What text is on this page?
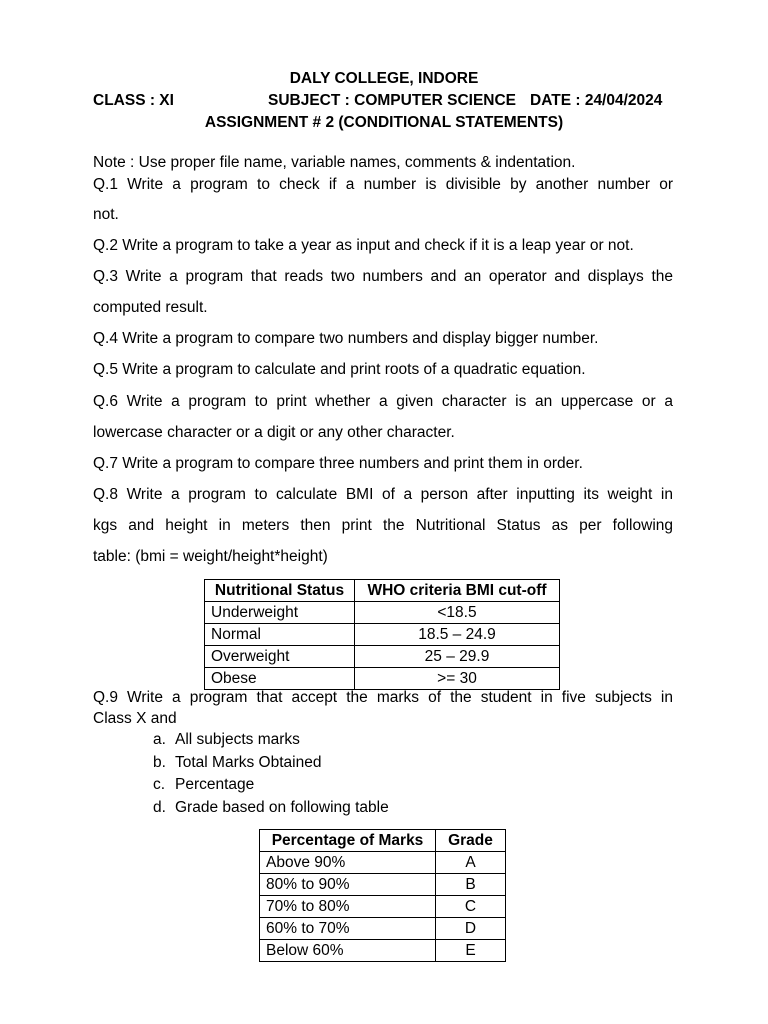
DALY COLLEGE, INDORE
CLASS : XI	SUBJECT : COMPUTER SCIENCE DATE : 24/04/2024
ASSIGNMENT # 2 (CONDITIONAL STATEMENTS)
Note : Use proper file name, variable names, comments & indentation.
Q.1 Write a program to check if a number is divisible by another number or
not.
Q.2 Write a program to take a year as input and check if it is a leap year or not.
Q.3 Write a program that reads two numbers and an operator and displays the
computed result.
Q.4 Write a program to compare two numbers and display bigger number.
Q.5 Write a program to calculate and print roots of a quadratic equation.
Q.6 Write a program to print whether a given character is an uppercase or a
lowercase character or a digit or any other character.
Q.7 Write a program to compare three numbers and print them in order.
Q.8 Write a program to calculate BMI of a person after inputting its weight in
kgs and height in meters then print the Nutritional Status as per following
table: (bmi = weight/height*height)
Nutritional Status	WHO criteria BMI cut-off
Underweight	<18.5
Normal	18.5 – 24.9
Overweight	25 – 29.9
Obese	>= 30
Q.9 Write a program that accept the marks of the student in five subjects in
Class X and
a. All subjects marks
b. Total Marks Obtained
c. Percentage
d. Grade based on following table
Percentage of Marks	Grade
Above 90%	A
80% to 90%	B
70% to 80%	C
60% to 70%	D
Below 60%	E
